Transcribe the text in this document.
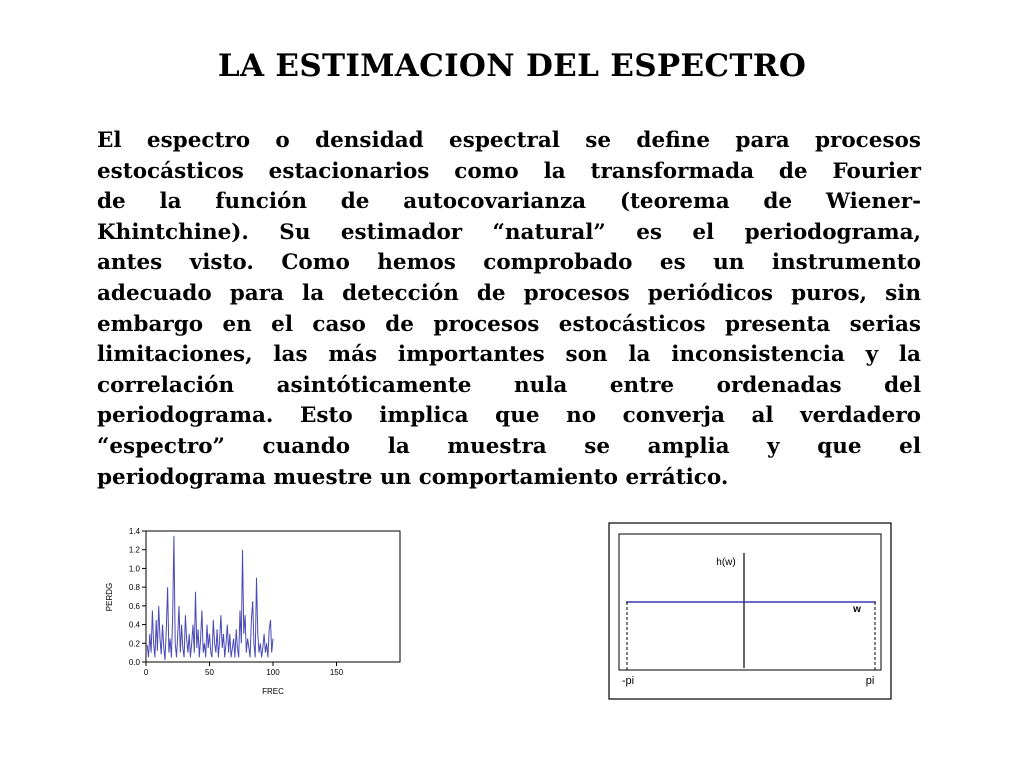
LA ESTIMACION DEL ESPECTRO
El espectro o densidad espectral se define para procesos
estocásticos estacionarios como la transformada de Fourier
de la función de autocovarianza (teorema de Wiener-
Khintchine). Su estimador “natural” es el periodograma,
antes visto. Como hemos comprobado es un instrumento
adecuado para la detección de procesos periódicos puros, sin
embargo en el caso de procesos estocásticos presenta serias
limitaciones, las más importantes son la inconsistencia y la
correlación asintóticamente nula entre ordenadas del
periodograma. Esto implica que no converja al verdadero
“espectro” cuando la muestra se amplia y que el
periodograma muestre un comportamiento errático.
0.0
0.2
0.4
0.6
0.8
1.0
1.2
1.4
0	50	100	150
FREC
PERDG
h(w)
w
-pi	pi
